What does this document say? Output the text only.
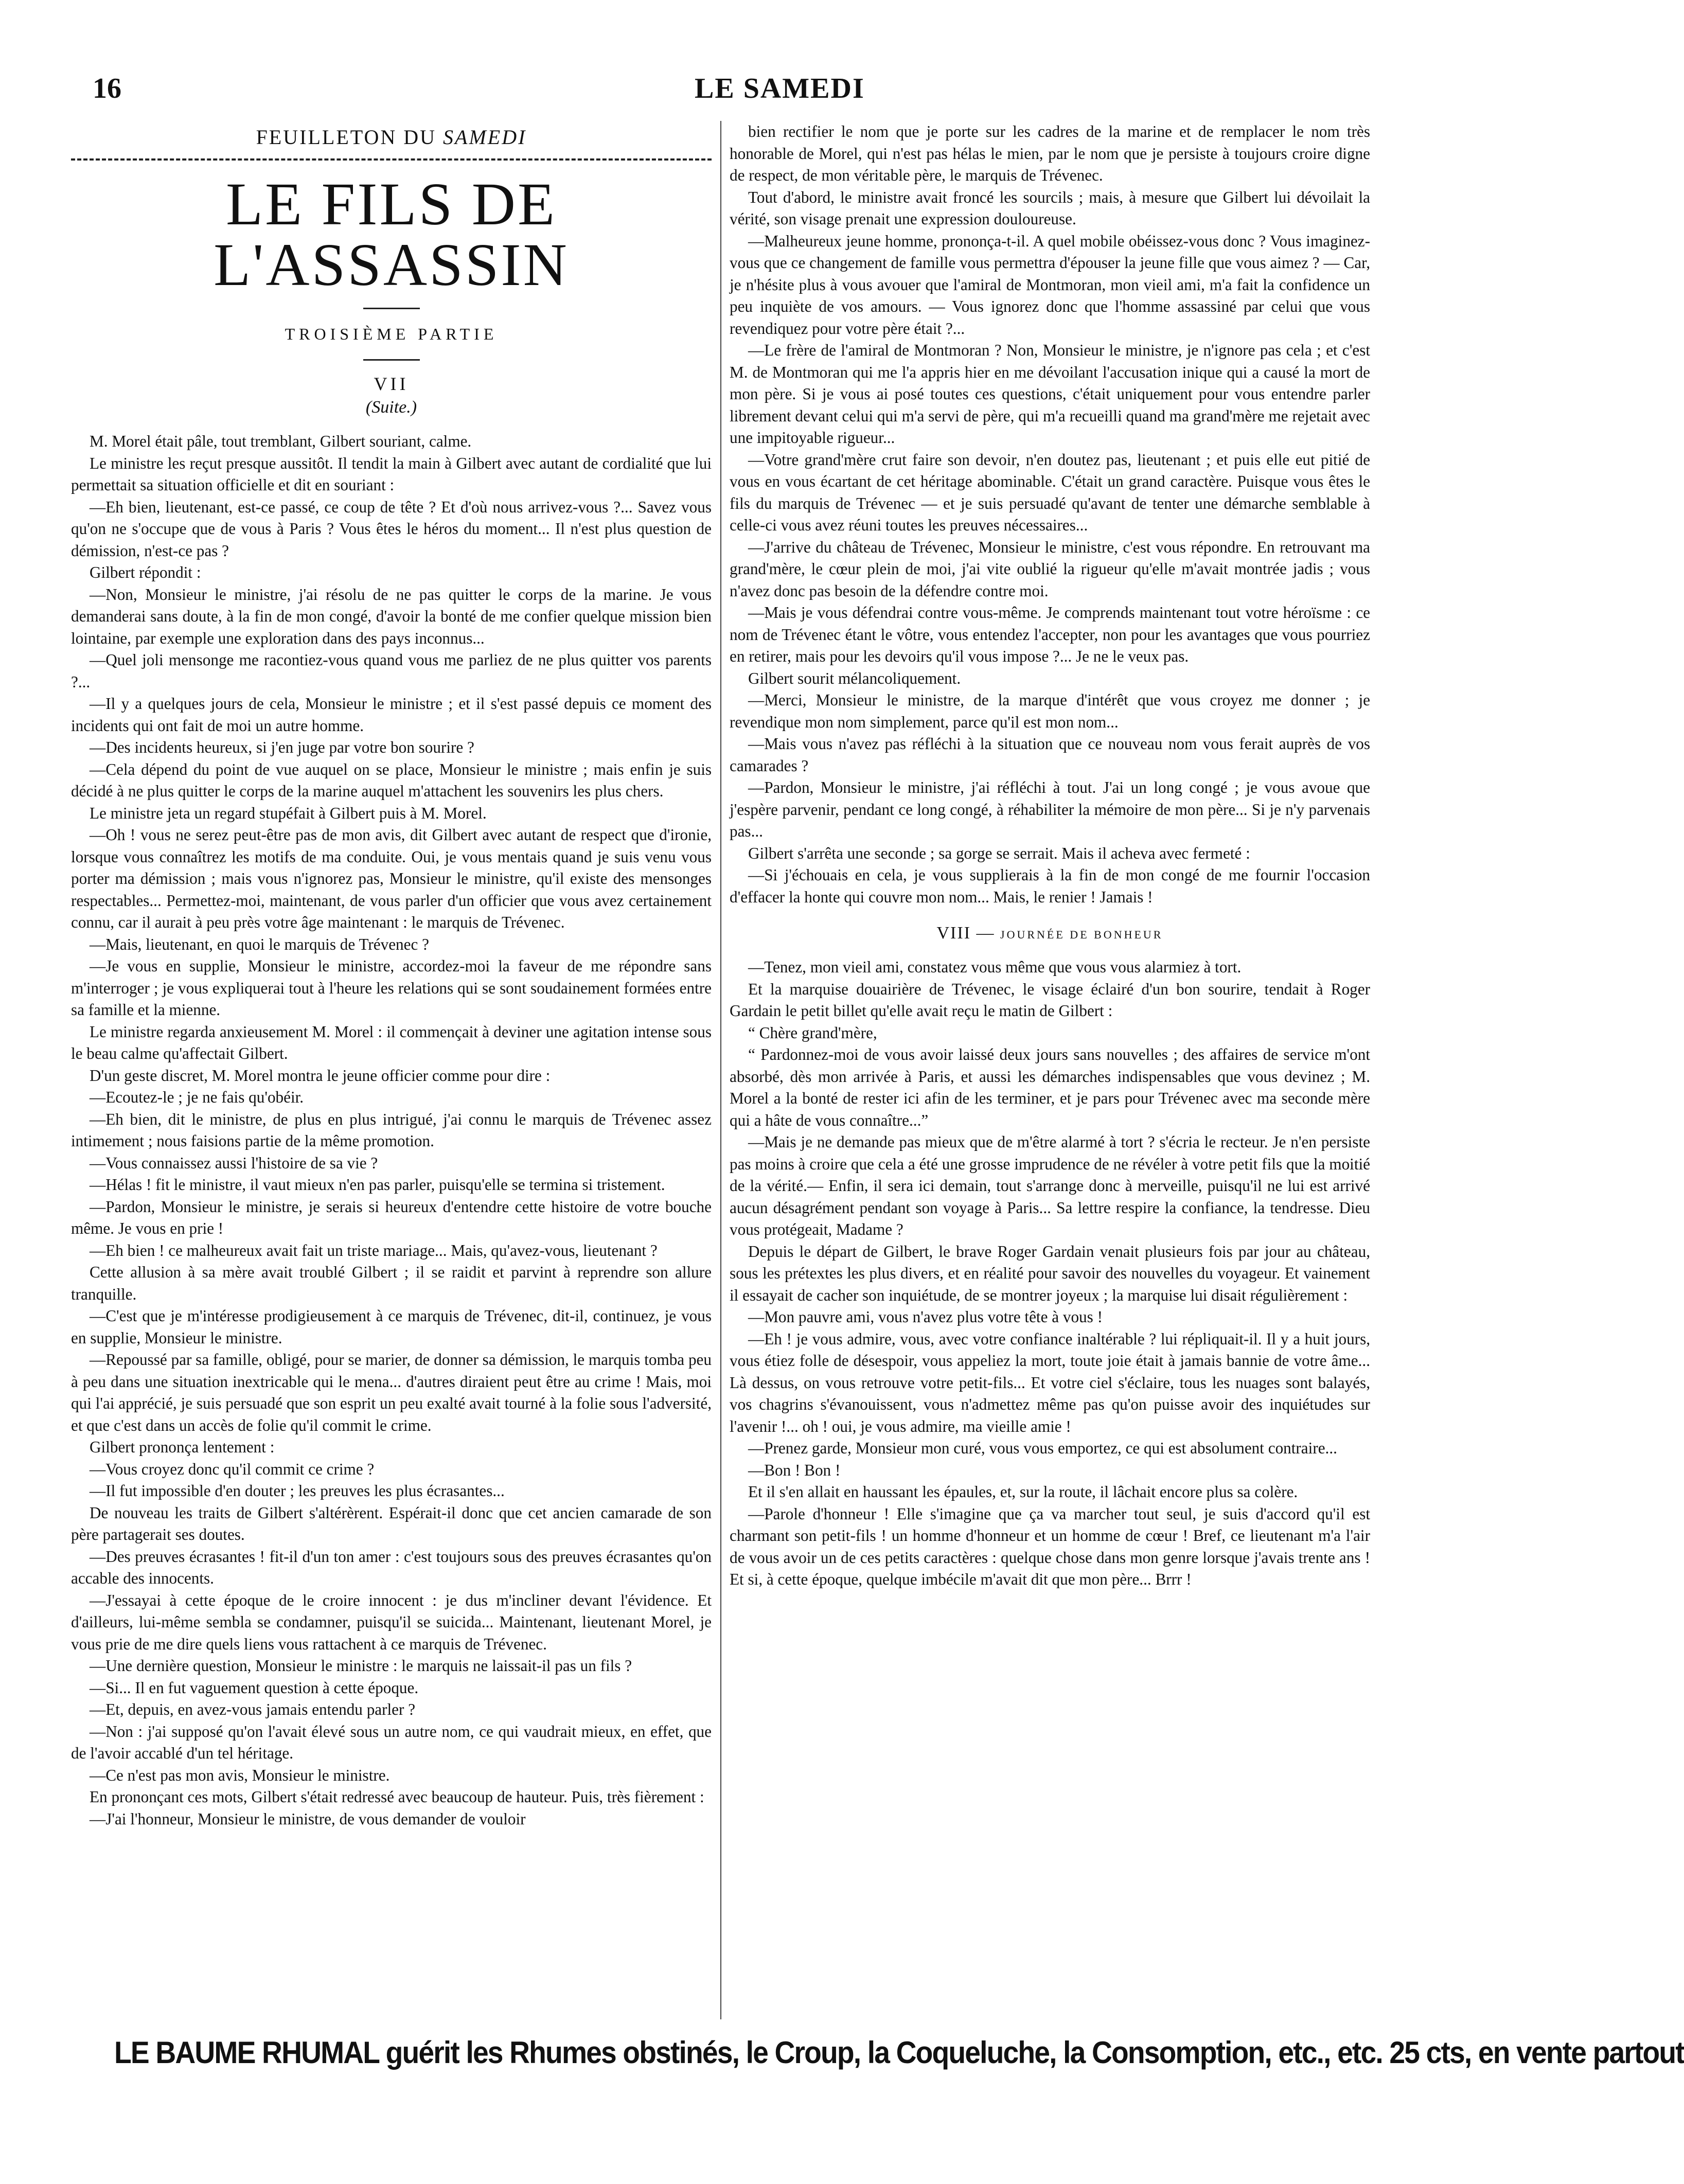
16	LE SAMEDI
FEUILLETON DU SAMEDI
LE FILS DE L'ASSASSIN
TROISIÈME PARTIE
VII
(Suite.)

M. Morel était pâle, tout tremblant, Gilbert souriant, calme.

Le ministre les reçut presque aussitôt. Il tendit la main à Gilbert avec autant de cordialité que lui permettait sa situation officielle et dit en souriant :

—Eh bien, lieutenant, est-ce passé, ce coup de tête ? Et d'où nous arrivez-vous ?... Savez vous qu'on ne s'occupe que de vous à Paris ? Vous êtes le héros du moment... Il n'est plus question de démission, n'est-ce pas ?

Gilbert répondit :

—Non, Monsieur le ministre, j'ai résolu de ne pas quitter le corps de la marine. Je vous demanderai sans doute, à la fin de mon congé, d'avoir la bonté de me confier quelque mission bien lointaine, par exemple une exploration dans des pays inconnus...

—Quel joli mensonge me racontiez-vous quand vous me parliez de ne plus quitter vos parents ?...

—Il y a quelques jours de cela, Monsieur le ministre ; et il s'est passé depuis ce moment des incidents qui ont fait de moi un autre homme.

—Des incidents heureux, si j'en juge par votre bon sourire ?

—Cela dépend du point de vue auquel on se place, Monsieur le ministre ; mais enfin je suis décidé à ne plus quitter le corps de la marine auquel m'attachent les souvenirs les plus chers.

Le ministre jeta un regard stupéfait à Gilbert puis à M. Morel.

—Oh ! vous ne serez peut-être pas de mon avis, dit Gilbert avec autant de respect que d'ironie, lorsque vous connaîtrez les motifs de ma conduite. Oui, je vous mentais quand je suis venu vous porter ma démission ; mais vous n'ignorez pas, Monsieur le ministre, qu'il existe des mensonges respectables... Permettez-moi, maintenant, de vous parler d'un officier que vous avez certainement connu, car il aurait à peu près votre âge maintenant : le marquis de Trévenec.

—Mais, lieutenant, en quoi le marquis de Trévenec ?

—Je vous en supplie, Monsieur le ministre, accordez-moi la faveur de me répondre sans m'interroger ; je vous expliquerai tout à l'heure les relations qui se sont soudainement formées entre sa famille et la mienne.

Le ministre regarda anxieusement M. Morel : il commençait à deviner une agitation intense sous le beau calme qu'affectait Gilbert.

D'un geste discret, M. Morel montra le jeune officier comme pour dire :

—Ecoutez-le ; je ne fais qu'obéir.

—Eh bien, dit le ministre, de plus en plus intrigué, j'ai connu le marquis de Trévenec assez intimement ; nous faisions partie de la même promotion.

—Vous connaissez aussi l'histoire de sa vie ?

—Hélas ! fit le ministre, il vaut mieux n'en pas parler, puisqu'elle se termina si tristement.

—Pardon, Monsieur le ministre, je serais si heureux d'entendre cette histoire de votre bouche même. Je vous en prie !

—Eh bien ! ce malheureux avait fait un triste mariage... Mais, qu'avez-vous, lieutenant ?

Cette allusion à sa mère avait troublé Gilbert ; il se raidit et parvint à reprendre son allure tranquille.

—C'est que je m'intéresse prodigieusement à ce marquis de Trévenec, dit-il, continuez, je vous en supplie, Monsieur le ministre.

—Repoussé par sa famille, obligé, pour se marier, de donner sa démission, le marquis tomba peu à peu dans une situation inextricable qui le mena... d'autres diraient peut être au crime ! Mais, moi qui l'ai apprécié, je suis persuadé que son esprit un peu exalté avait tourné à la folie sous l'adversité, et que c'est dans un accès de folie qu'il commit le crime.

Gilbert prononça lentement :

—Vous croyez donc qu'il commit ce crime ?

—Il fut impossible d'en douter ; les preuves les plus écrasantes...

De nouveau les traits de Gilbert s'altérèrent. Espérait-il donc que cet ancien camarade de son père partagerait ses doutes.

—Des preuves écrasantes ! fit-il d'un ton amer : c'est toujours sous des preuves écrasantes qu'on accable des innocents.

—J'essayai à cette époque de le croire innocent : je dus m'incliner devant l'évidence. Et d'ailleurs, lui-même sembla se condamner, puisqu'il se suicida... Maintenant, lieutenant Morel, je vous prie de me dire quels liens vous rattachent à ce marquis de Trévenec.

—Une dernière question, Monsieur le ministre : le marquis ne laissait-il pas un fils ?

—Si... Il en fut vaguement question à cette époque.

—Et, depuis, en avez-vous jamais entendu parler ?

—Non : j'ai supposé qu'on l'avait élevé sous un autre nom, ce qui vaudrait mieux, en effet, que de l'avoir accablé d'un tel héritage.

—Ce n'est pas mon avis, Monsieur le ministre.

En prononçant ces mots, Gilbert s'était redressé avec beaucoup de hauteur. Puis, très fièrement :

—J'ai l'honneur, Monsieur le ministre, de vous demander de vouloir

bien rectifier le nom que je porte sur les cadres de la marine et de remplacer le nom très honorable de Morel, qui n'est pas hélas le mien, par le nom que je persiste à toujours croire digne de respect, de mon véritable père, le marquis de Trévenec.

Tout d'abord, le ministre avait froncé les sourcils ; mais, à mesure que Gilbert lui dévoilait la vérité, son visage prenait une expression douloureuse.

—Malheureux jeune homme, prononça-t-il. A quel mobile obéissez-vous donc ? Vous imaginez-vous que ce changement de famille vous permettra d'épouser la jeune fille que vous aimez ? — Car, je n'hésite plus à vous avouer que l'amiral de Montmoran, mon vieil ami, m'a fait la confidence un peu inquiète de vos amours. — Vous ignorez donc que l'homme assassiné par celui que vous revendiquez pour votre père était ?...

—Le frère de l'amiral de Montmoran ? Non, Monsieur le ministre, je n'ignore pas cela ; et c'est M. de Montmoran qui me l'a appris hier en me dévoilant l'accusation inique qui a causé la mort de mon père. Si je vous ai posé toutes ces questions, c'était uniquement pour vous entendre parler librement devant celui qui m'a servi de père, qui m'a recueilli quand ma grand'mère me rejetait avec une impitoyable rigueur...

—Votre grand'mère crut faire son devoir, n'en doutez pas, lieutenant ; et puis elle eut pitié de vous en vous écartant de cet héritage abominable. C'était un grand caractère. Puisque vous êtes le fils du marquis de Trévenec — et je suis persuadé qu'avant de tenter une démarche semblable à celle-ci vous avez réuni toutes les preuves nécessaires...

—J'arrive du château de Trévenec, Monsieur le ministre, c'est vous répondre. En retrouvant ma grand'mère, le cœur plein de moi, j'ai vite oublié la rigueur qu'elle m'avait montrée jadis ; vous n'avez donc pas besoin de la défendre contre moi.

—Mais je vous défendrai contre vous-même. Je comprends maintenant tout votre héroïsme : ce nom de Trévenec étant le vôtre, vous entendez l'accepter, non pour les avantages que vous pourriez en retirer, mais pour les devoirs qu'il vous impose ?... Je ne le veux pas.

Gilbert sourit mélancoliquement.

—Merci, Monsieur le ministre, de la marque d'intérêt que vous croyez me donner ; je revendique mon nom simplement, parce qu'il est mon nom...

—Mais vous n'avez pas réfléchi à la situation que ce nouveau nom vous ferait auprès de vos camarades ?

—Pardon, Monsieur le ministre, j'ai réfléchi à tout. J'ai un long congé ; je vous avoue que j'espère parvenir, pendant ce long congé, à réhabiliter la mémoire de mon père... Si je n'y parvenais pas...

Gilbert s'arrêta une seconde ; sa gorge se serrait. Mais il acheva avec fermeté :

—Si j'échouais en cela, je vous supplierais à la fin de mon congé de me fournir l'occasion d'effacer la honte qui couvre mon nom... Mais, le renier ! Jamais !

VIII — JOURNÉE DE BONHEUR

—Tenez, mon vieil ami, constatez vous même que vous vous alarmiez à tort.

Et la marquise douairière de Trévenec, le visage éclairé d'un bon sourire, tendait à Roger Gardain le petit billet qu'elle avait reçu le matin de Gilbert :

“ Chère grand'mère,

“ Pardonnez-moi de vous avoir laissé deux jours sans nouvelles ; des affaires de service m'ont absorbé, dès mon arrivée à Paris, et aussi les démarches indispensables que vous devinez ; M. Morel a la bonté de rester ici afin de les terminer, et je pars pour Trévenec avec ma seconde mère qui a hâte de vous connaître...”

—Mais je ne demande pas mieux que de m'être alarmé à tort ? s'écria le recteur. Je n'en persiste pas moins à croire que cela a été une grosse imprudence de ne révéler à votre petit fils que la moitié de la vérité.— Enfin, il sera ici demain, tout s'arrange donc à merveille, puisqu'il ne lui est arrivé aucun désagrément pendant son voyage à Paris... Sa lettre respire la confiance, la tendresse. Dieu vous protégeait, Madame ?

Depuis le départ de Gilbert, le brave Roger Gardain venait plusieurs fois par jour au château, sous les prétextes les plus divers, et en réalité pour savoir des nouvelles du voyageur. Et vainement il essayait de cacher son inquiétude, de se montrer joyeux ; la marquise lui disait régulièrement :

—Mon pauvre ami, vous n'avez plus votre tête à vous !

—Eh ! je vous admire, vous, avec votre confiance inaltérable ? lui répliquait-il. Il y a huit jours, vous étiez folle de désespoir, vous appeliez la mort, toute joie était à jamais bannie de votre âme... Là dessus, on vous retrouve votre petit-fils... Et votre ciel s'éclaire, tous les nuages sont balayés, vos chagrins s'évanouissent, vous n'admettez même pas qu'on puisse avoir des inquiétudes sur l'avenir !... oh ! oui, je vous admire, ma vieille amie !

—Prenez garde, Monsieur mon curé, vous vous emportez, ce qui est absolument contraire...

—Bon ! Bon !

Et il s'en allait en haussant les épaules, et, sur la route, il lâchait encore plus sa colère.

—Parole d'honneur ! Elle s'imagine que ça va marcher tout seul, je suis d'accord qu'il est charmant son petit-fils ! un homme d'honneur et un homme de cœur ! Bref, ce lieutenant m'a l'air de vous avoir un de ces petits caractères : quelque chose dans mon genre lorsque j'avais trente ans ! Et si, à cette époque, quelque imbécile m'avait dit que mon père... Brrr !

LE BAUME RHUMAL guérit les Rhumes obstinés, le Croup, la Coqueluche, la Consomption, etc., etc. 25 cts, en vente partout
